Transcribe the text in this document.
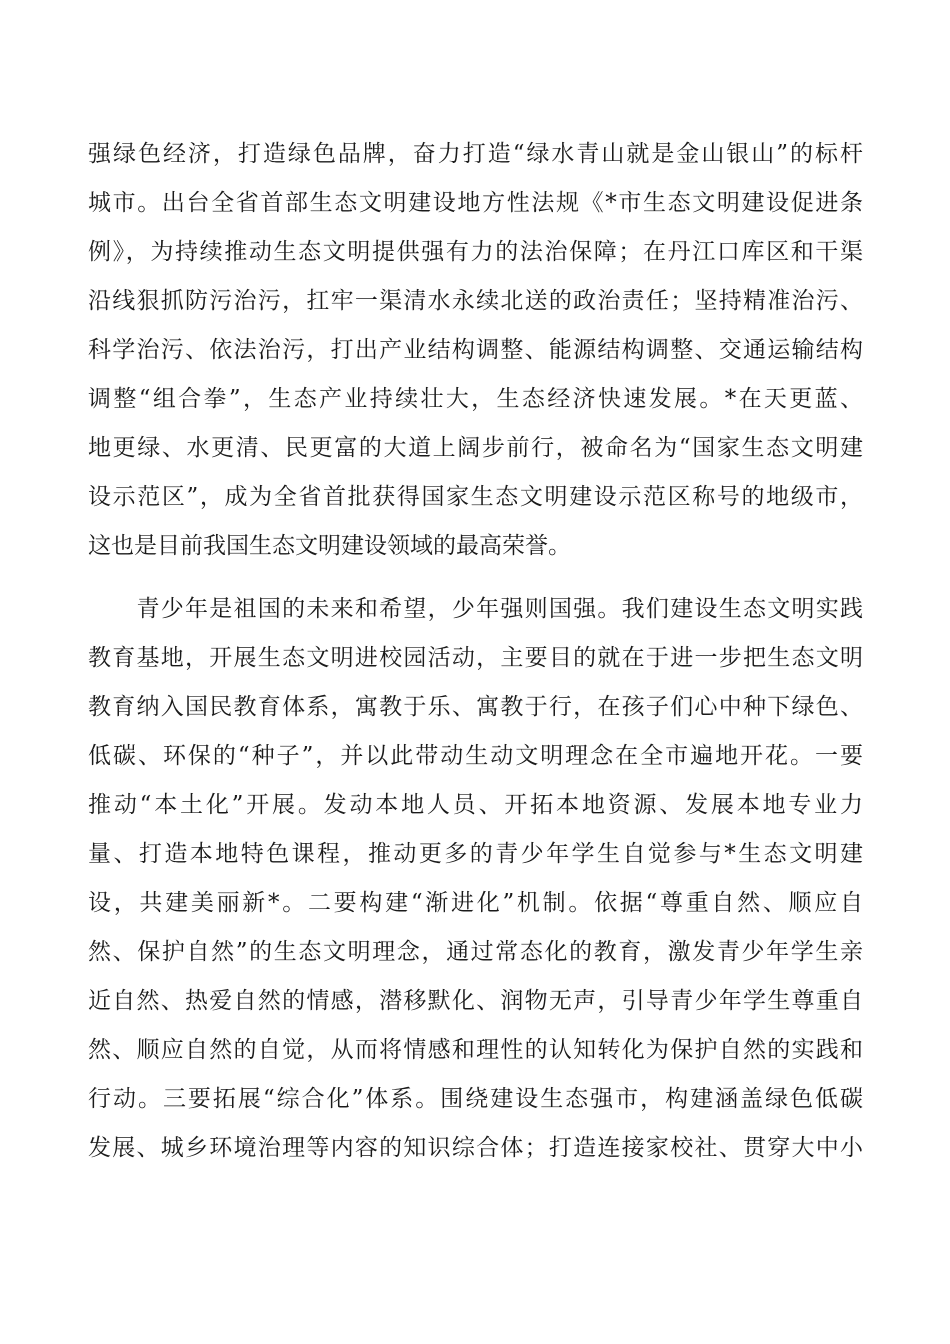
强绿色经济，打造绿色品牌，奋力打造“绿水青山就是金山银山”的标杆
城市。出台全省首部生态文明建设地方性法规《*市生态文明建设促进条
例》，为持续推动生态文明提供强有力的法治保障；在丹江口库区和干渠
沿线狠抓防污治污，扛牢一渠清水永续北送的政治责任；坚持精准治污、
科学治污、依法治污，打出产业结构调整、能源结构调整、交通运输结构
调整“组合拳”，生态产业持续壮大，生态经济快速发展。*在天更蓝、
地更绿、水更清、民更富的大道上阔步前行，被命名为“国家生态文明建
设示范区”，成为全省首批获得国家生态文明建设示范区称号的地级市，
这也是目前我国生态文明建设领域的最高荣誉。
　　青少年是祖国的未来和希望，少年强则国强。我们建设生态文明实践
教育基地，开展生态文明进校园活动，主要目的就在于进一步把生态文明
教育纳入国民教育体系，寓教于乐、寓教于行，在孩子们心中种下绿色、
低碳、环保的“种子”，并以此带动生动文明理念在全市遍地开花。一要
推动“本土化”开展。发动本地人员、开拓本地资源、发展本地专业力
量、打造本地特色课程，推动更多的青少年学生自觉参与*生态文明建
设，共建美丽新*。二要构建“渐进化”机制。依据“尊重自然、顺应自
然、保护自然”的生态文明理念，通过常态化的教育，激发青少年学生亲
近自然、热爱自然的情感，潜移默化、润物无声，引导青少年学生尊重自
然、顺应自然的自觉，从而将情感和理性的认知转化为保护自然的实践和
行动。三要拓展“综合化”体系。围绕建设生态强市，构建涵盖绿色低碳
发展、城乡环境治理等内容的知识综合体；打造连接家校社、贯穿大中小
